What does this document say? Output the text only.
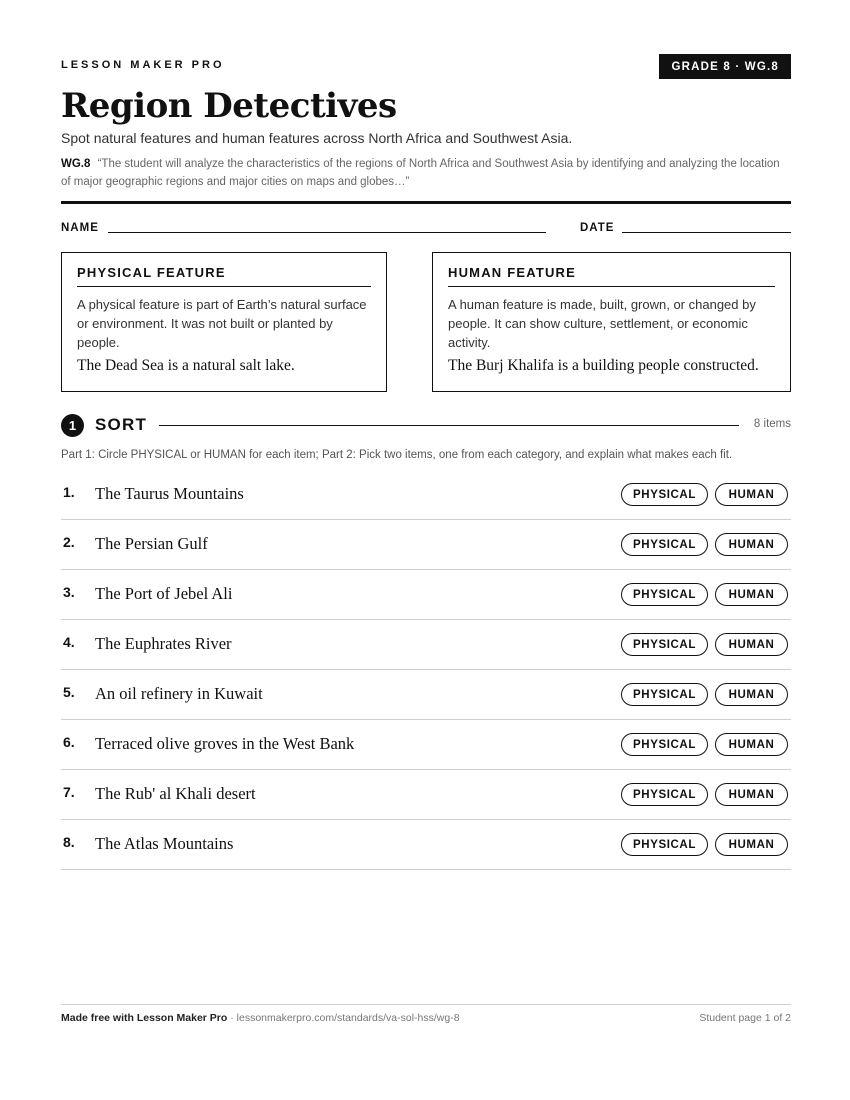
LESSON MAKER PRO	GRADE 8 · WG.8
Region Detectives
Spot natural features and human features across North Africa and Southwest Asia.
WG.8 “The student will analyze the characteristics of the regions of North Africa and Southwest Asia by identifying and analyzing the location of major geographic regions and major cities on maps and globes…”
NAME	DATE
PHYSICAL FEATURE
A physical feature is part of Earth’s natural surface or environment. It was not built or planted by people.
The Dead Sea is a natural salt lake.
HUMAN FEATURE
A human feature is made, built, grown, or changed by people. It can show culture, settlement, or economic activity.
The Burj Khalifa is a building people constructed.
1	SORT	8 items
Part 1: Circle PHYSICAL or HUMAN for each item; Part 2: Pick two items, one from each category, and explain what makes each fit.
1. The Taurus Mountains	PHYSICAL	HUMAN
2. The Persian Gulf	PHYSICAL	HUMAN
3. The Port of Jebel Ali	PHYSICAL	HUMAN
4. The Euphrates River	PHYSICAL	HUMAN
5. An oil refinery in Kuwait	PHYSICAL	HUMAN
6. Terraced olive groves in the West Bank	PHYSICAL	HUMAN
7. The Rub' al Khali desert	PHYSICAL	HUMAN
8. The Atlas Mountains	PHYSICAL	HUMAN
Made free with Lesson Maker Pro · lessonmakerpro.com/standards/va-sol-hss/wg-8	Student page 1 of 2
